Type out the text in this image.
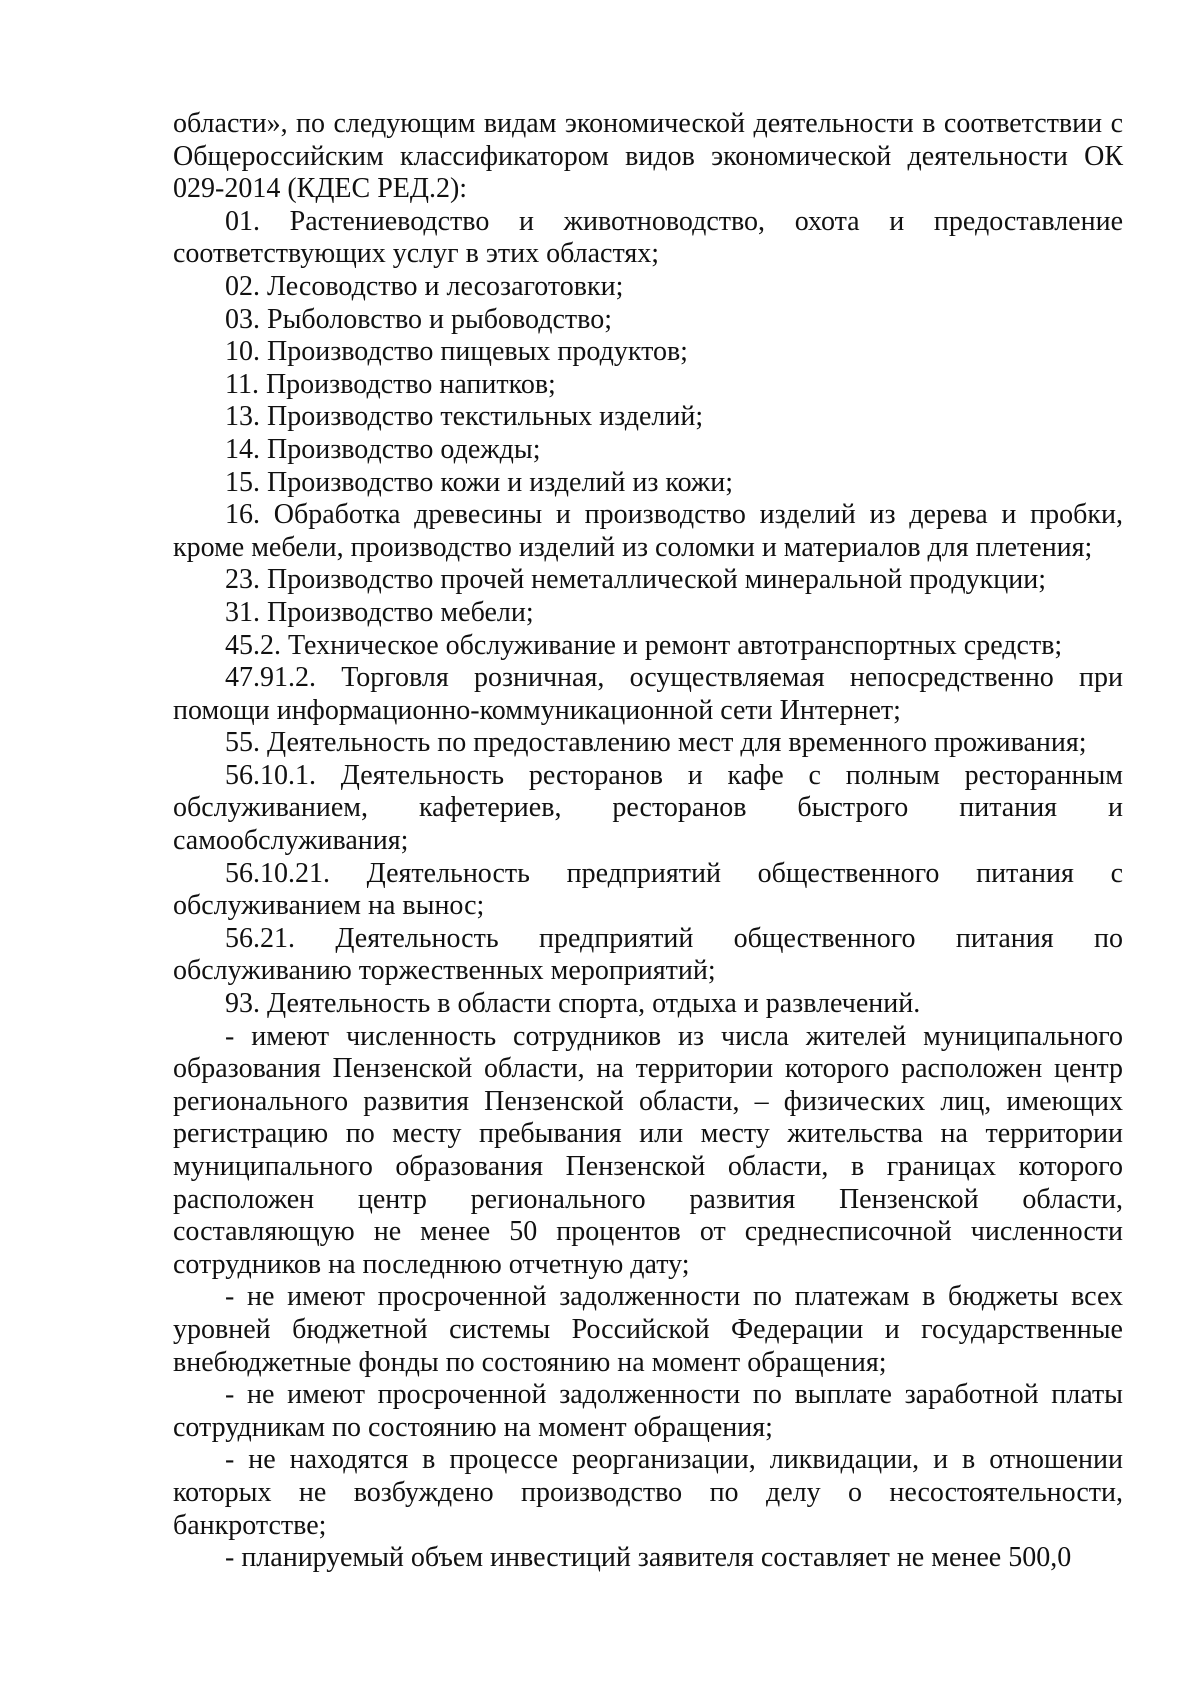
области», по следующим видам экономической деятельности в соответствии с Общероссийским классификатором видов экономической деятельности ОК 029-2014 (КДЕС РЕД.2):

01. Растениеводство и животноводство, охота и предоставление соответствующих услуг в этих областях;

02. Лесоводство и лесозаготовки;

03. Рыболовство и рыбоводство;

10. Производство пищевых продуктов;

11. Производство напитков;

13. Производство текстильных изделий;

14. Производство одежды;

15. Производство кожи и изделий из кожи;

16. Обработка древесины и производство изделий из дерева и пробки, кроме мебели, производство изделий из соломки и материалов для плетения;

23. Производство прочей неметаллической минеральной продукции;

31. Производство мебели;

45.2. Техническое обслуживание и ремонт автотранспортных средств;

47.91.2. Торговля розничная, осуществляемая непосредственно при помощи информационно-коммуникационной сети Интернет;

55. Деятельность по предоставлению мест для временного проживания;

56.10.1. Деятельность ресторанов и кафе с полным ресторанным обслуживанием, кафетериев, ресторанов быстрого питания и самообслуживания;

56.10.21. Деятельность предприятий общественного питания с обслуживанием на вынос;

56.21. Деятельность предприятий общественного питания по обслуживанию торжественных мероприятий;

93. Деятельность в области спорта, отдыха и развлечений.

- имеют численность сотрудников из числа жителей муниципального образования Пензенской области, на территории которого расположен центр регионального развития Пензенской области, – физических лиц, имеющих регистрацию по месту пребывания или месту жительства на территории муниципального образования Пензенской области, в границах которого расположен центр регионального развития Пензенской области, составляющую не менее 50 процентов от среднесписочной численности сотрудников на последнюю отчетную дату;

- не имеют просроченной задолженности по платежам в бюджеты всех уровней бюджетной системы Российской Федерации и государственные внебюджетные фонды по состоянию на момент обращения;

- не имеют просроченной задолженности по выплате заработной платы сотрудникам по состоянию на момент обращения;

- не находятся в процессе реорганизации, ликвидации, и в отношении которых не возбуждено производство по делу о несостоятельности, банкротстве;

- планируемый объем инвестиций заявителя составляет не менее 500,0
